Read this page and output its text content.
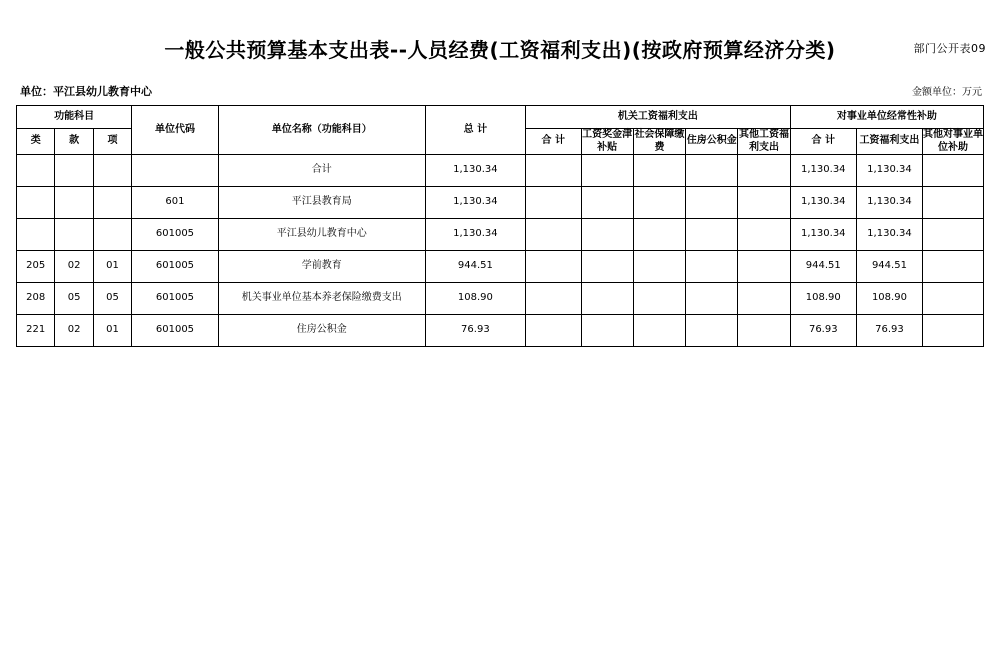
部门公开表09
一般公共预算基本支出表--人员经费(工资福利支出)(按政府预算经济分类)
单位：平江县幼儿教育中心	金额单位：万元
功能科目			单位代码	单位名称（功能科目）	总 计	机关工资福利支出					对事业单位经常性补助		
类	款	项				合 计	工资奖金津补贴	社会保障缴费	住房公积金	其他工资福利支出	合 计	工资福利支出	其他对事业单位补助
				合计	1,130.34						1,130.34	1,130.34	
			601	平江县教育局	1,130.34						1,130.34	1,130.34	
			601005	平江县幼儿教育中心	1,130.34						1,130.34	1,130.34	
205	02	01	601005	学前教育	944.51						944.51	944.51	
208	05	05	601005	机关事业单位基本养老保险缴费支出	108.90						108.90	108.90	
221	02	01	601005	住房公积金	76.93						76.93	76.93	
